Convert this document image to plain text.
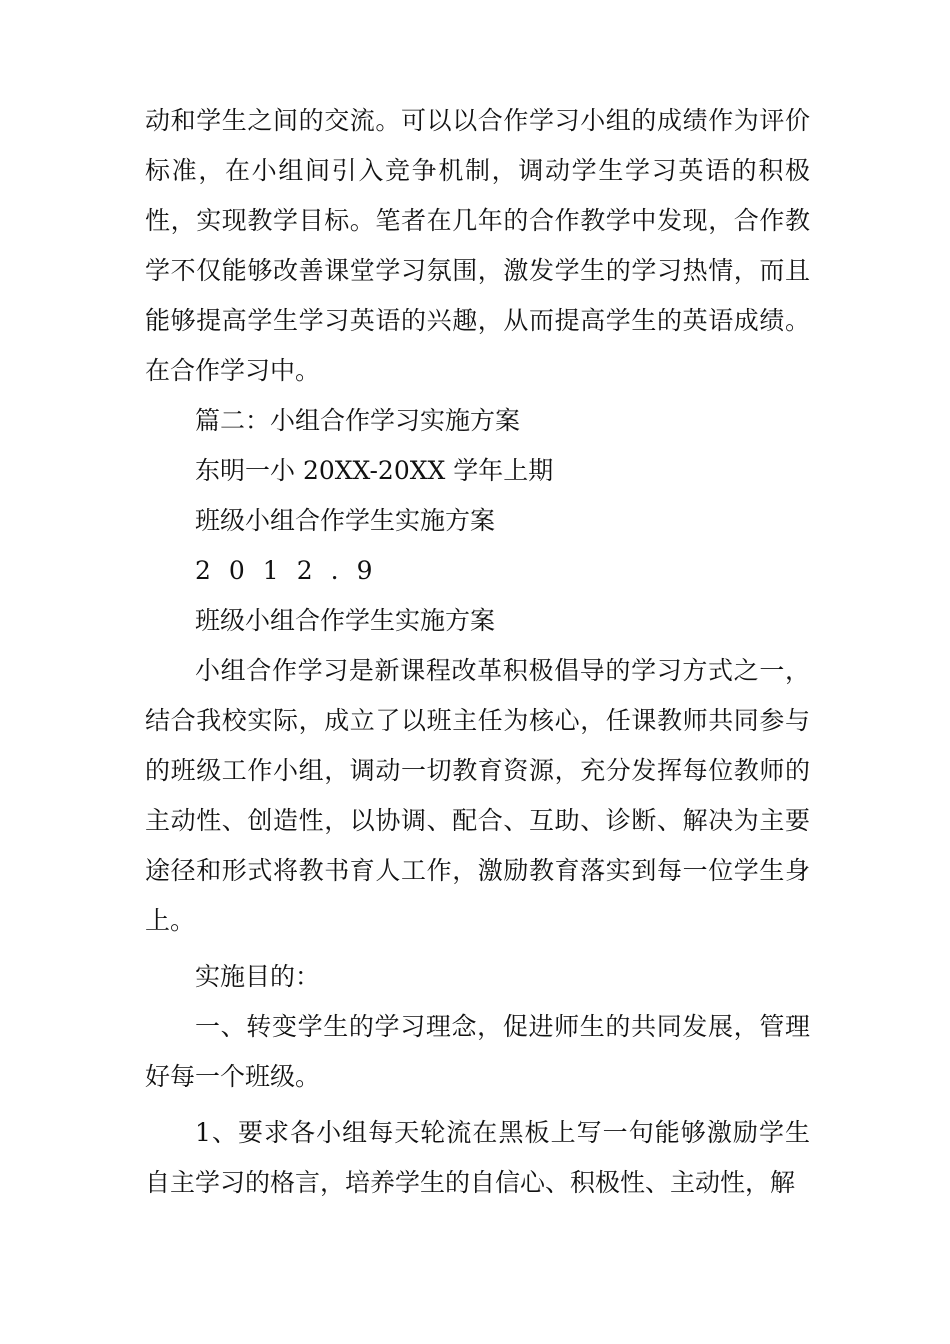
动和学生之间的交流。可以以合作学习小组的成绩作为评价标准，在小组间引入竞争机制，调动学生学习英语的积极性，实现教学目标。笔者在几年的合作教学中发现，合作教学不仅能够改善课堂学习氛围，激发学生的学习热情，而且能够提高学生学习英语的兴趣，从而提高学生的英语成绩。在合作学习中。

篇二：小组合作学习实施方案

东明一小 20XX-20XX 学年上期

班级小组合作学生实施方案

2012.9

班级小组合作学生实施方案

小组合作学习是新课程改革积极倡导的学习方式之一，结合我校实际，成立了以班主任为核心，任课教师共同参与的班级工作小组，调动一切教育资源，充分发挥每位教师的主动性、创造性，以协调、配合、互助、诊断、解决为主要途径和形式将教书育人工作，激励教育落实到每一位学生身上。

实施目的：

一、转变学生的学习理念，促进师生的共同发展，管理好每一个班级。

1、要求各小组每天轮流在黑板上写一句能够激励学生自主学习的格言，培养学生的自信心、积极性、主动性，解
